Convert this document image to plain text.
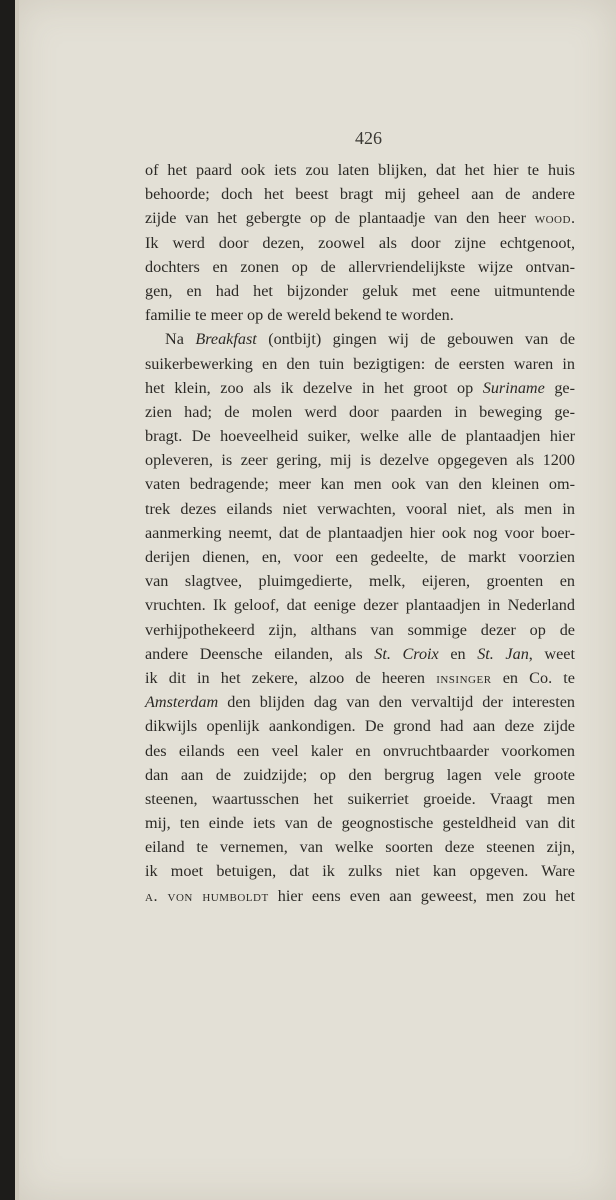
426
of het paard ook iets zou laten blijken, dat het hier te huis
behoorde; doch het beest bragt mij geheel aan de andere
zijde van het gebergte op de plantaadje van den heer wood.
Ik werd door dezen, zoowel als door zijne echtgenoot,
dochters en zonen op de allervriendelijkste wijze ontvan-
gen, en had het bijzonder geluk met eene uitmuntende
familie te meer op de wereld bekend te worden.
Na Breakfast (ontbijt) gingen wij de gebouwen van de
suikerbewerking en den tuin bezigtigen: de eersten waren in
het klein, zoo als ik dezelve in het groot op Suriname ge-
zien had; de molen werd door paarden in beweging ge-
bragt. De hoeveelheid suiker, welke alle de plantaadjen hier
opleveren, is zeer gering, mij is dezelve opgegeven als 1200
vaten bedragende; meer kan men ook van den kleinen om-
trek dezes eilands niet verwachten, vooral niet, als men in
aanmerking neemt, dat de plantaadjen hier ook nog voor boer-
derijen dienen, en, voor een gedeelte, de markt voorzien
van slagtvee, pluimgedierte, melk, eijeren, groenten en
vruchten. Ik geloof, dat eenige dezer plantaadjen in Nederland
verhijpothekeerd zijn, althans van sommige dezer op de
andere Deensche eilanden, als St. Croix en St. Jan, weet
ik dit in het zekere, alzoo de heeren insinger en Co. te
Amsterdam den blijden dag van den vervaltijd der interesten
dikwijls openlijk aankondigen. De grond had aan deze zijde
des eilands een veel kaler en onvruchtbaarder voorkomen
dan aan de zuidzijde; op den bergrug lagen vele groote
steenen, waartusschen het suikerriet groeide. Vraagt men
mij, ten einde iets van de geognostische gesteldheid van dit
eiland te vernemen, van welke soorten deze steenen zijn,
ik moet betuigen, dat ik zulks niet kan opgeven. Ware
a. von humboldt hier eens even aan geweest, men zou het
